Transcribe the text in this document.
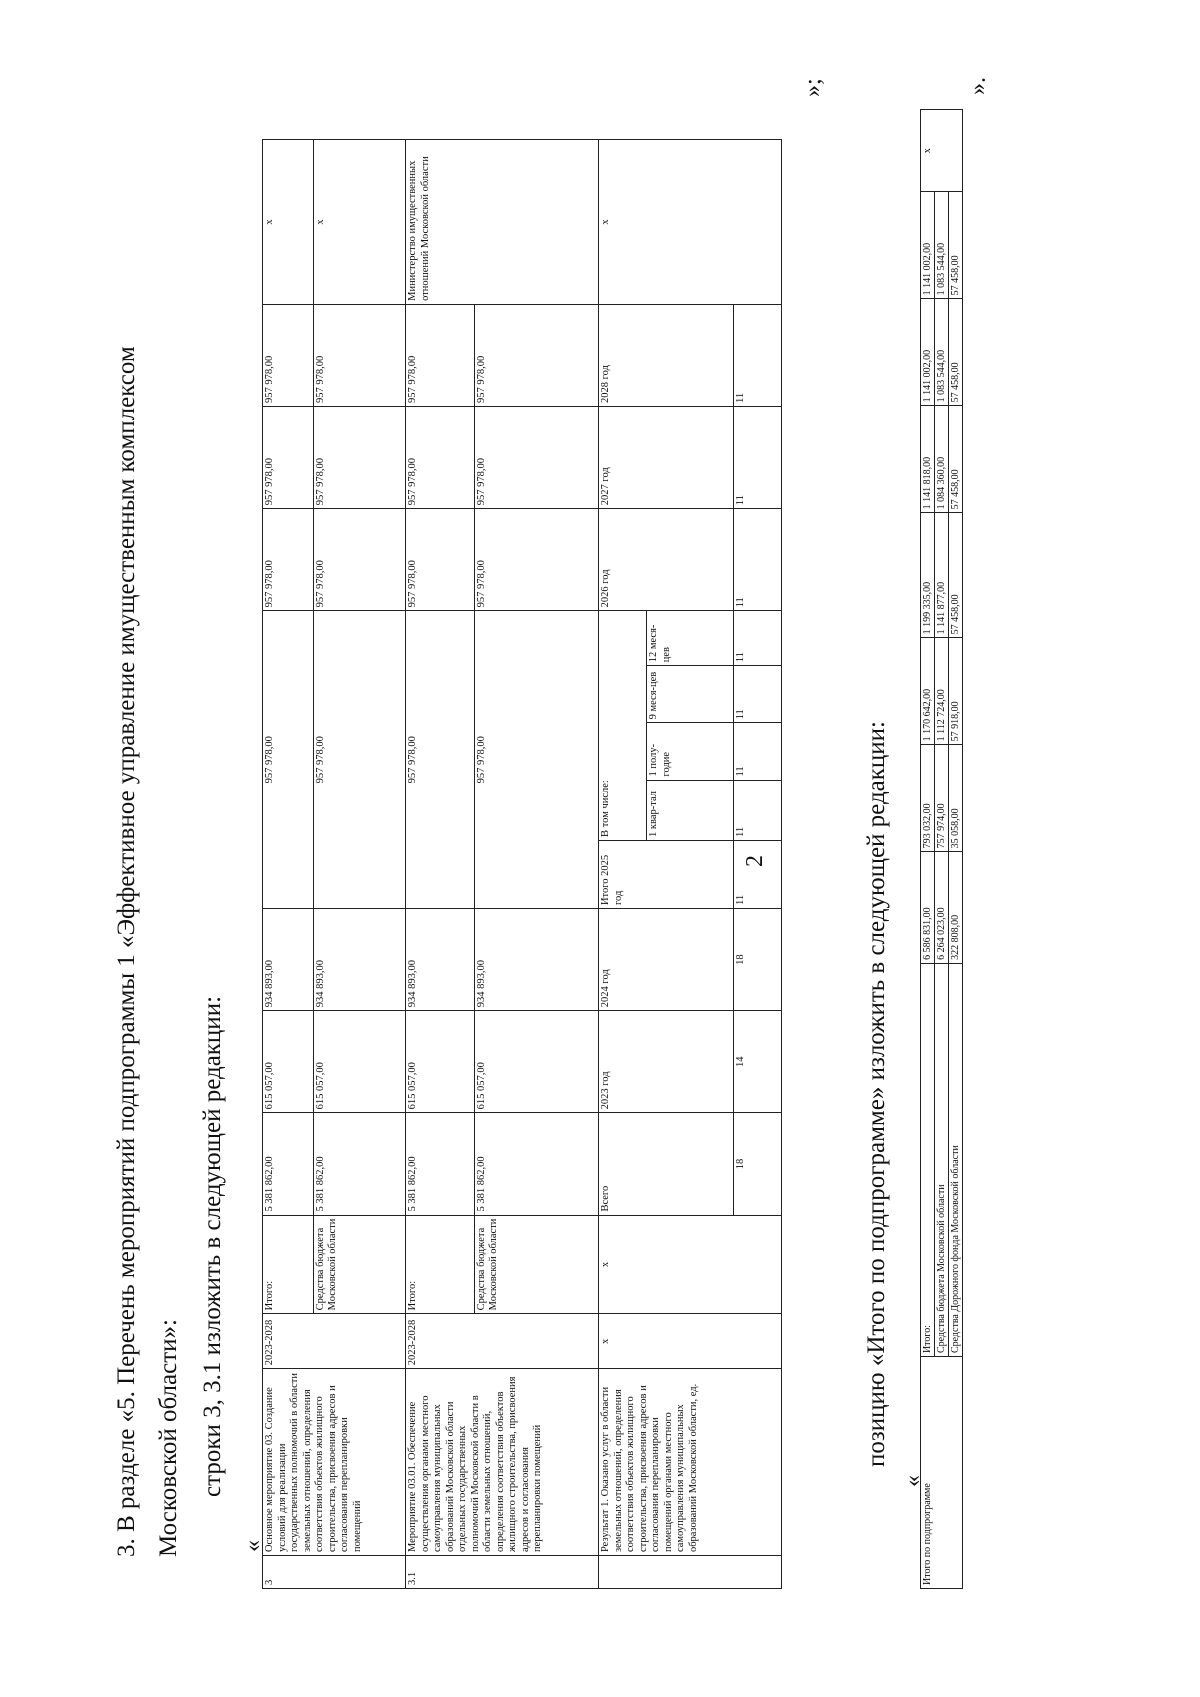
2
3. В разделе «5. Перечень мероприятий подпрограммы 1 «Эффективное управление имущественным комплексом Московской области»: строки 3, 3.1 изложить в следующей редакции:
«
3	Основное мероприятие 03. Создание условий для реализации государственных полномочий в области земельных отношений, определения соответствия объектов жилищного строительства, присвоения адресов и согласования перепланировки помещений	2023-2028	Итого:	5 381 862,00	615 057,00	934 893,00	957 978,00					957 978,00	957 978,00	957 978,00	x
			Средства бюджета Московской области	5 381 862,00	615 057,00	934 893,00	957 978,00					957 978,00	957 978,00	957 978,00	x
3.1	Мероприятие 03.01. Обеспечение осуществления органами местного самоуправления муниципальных образований Московской области отдельных государственных полномочий Московской области в области земельных отношений, определения соответствия объектов жилищного строительства, присвоения адресов и согласования перепланировки помещений	2023-2028	Итого:	5 381 862,00	615 057,00	934 893,00	957 978,00					957 978,00	957 978,00	957 978,00	Министерство имущественных отношений Московской области
			Средства бюджета Московской области	5 381 862,00	615 057,00	934 893,00	957 978,00					957 978,00	957 978,00	957 978,00	
	Результат 1. Оказано услуг в области земельных отношений, определения соответствия объектов жилищного строительства, присвоения адресов и согласования перепланировки помещений органами местного самоуправления муниципальных образований Московской области, ед.	x	x	Всего	2023 год	2024 год	Итого 2025 год	В том числе:				2026 год	2027 год	2028 год	x
								1 квар-тал	1 полу-годие	9 меся-цев	12 меся-цев				
				18	14	18	11	11	11	11	11	11	11	11	
»;
позицию «Итого по подпрограмме» изложить в следующей редакции:
«
Итого по подпрограмме	Итого:	6 586 831,00	793 032,00	1 170 642,00	1 199 335,00	1 141 818,00	1 141 002,00	1 141 002,00	x
	Средства бюджета Московской области	6 264 023,00	757 974,00	1 112 724,00	1 141 877,00	1 084 360,00	1 083 544,00	1 083 544,00	
	Средства Дорожного фонда Московской области	322 808,00	35 058,00	57 918,00	57 458,00	57 458,00	57 458,00	57 458,00	
».
